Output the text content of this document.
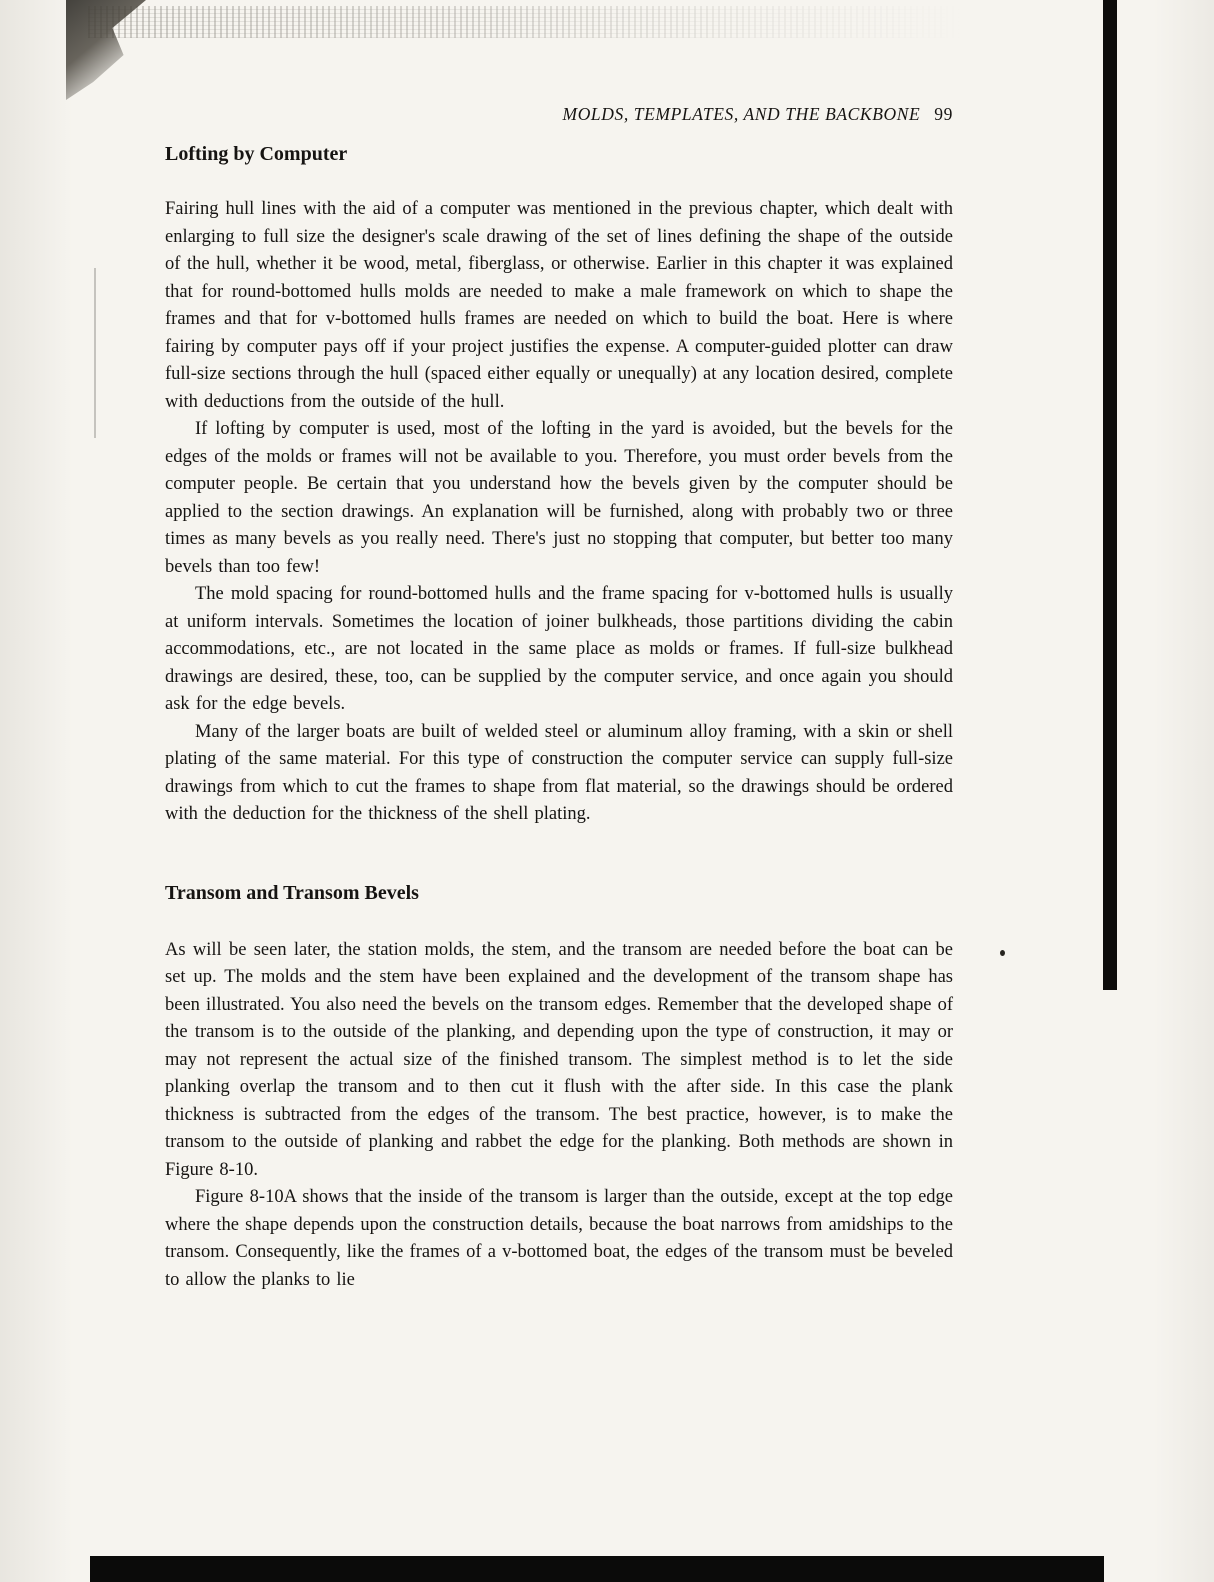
MOLDS, TEMPLATES, AND THE BACKBONE 99
Lofting by Computer

Fairing hull lines with the aid of a computer was mentioned in the previous chapter, which dealt with enlarging to full size the designer's scale drawing of the set of lines defining the shape of the outside of the hull, whether it be wood, metal, fiberglass, or otherwise. Earlier in this chapter it was explained that for round-bottomed hulls molds are needed to make a male framework on which to shape the frames and that for v-bottomed hulls frames are needed on which to build the boat. Here is where fairing by computer pays off if your project justifies the expense. A computer-guided plotter can draw full-size sections through the hull (spaced either equally or unequally) at any location desired, complete with deductions from the outside of the hull.

If lofting by computer is used, most of the lofting in the yard is avoided, but the bevels for the edges of the molds or frames will not be available to you. Therefore, you must order bevels from the computer people. Be certain that you understand how the bevels given by the computer should be applied to the section drawings. An explanation will be furnished, along with probably two or three times as many bevels as you really need. There's just no stopping that computer, but better too many bevels than too few!

The mold spacing for round-bottomed hulls and the frame spacing for v-bottomed hulls is usually at uniform intervals. Sometimes the location of joiner bulkheads, those partitions dividing the cabin accommodations, etc., are not located in the same place as molds or frames. If full-size bulkhead drawings are desired, these, too, can be supplied by the computer service, and once again you should ask for the edge bevels.

Many of the larger boats are built of welded steel or aluminum alloy framing, with a skin or shell plating of the same material. For this type of construction the computer service can supply full-size drawings from which to cut the frames to shape from flat material, so the drawings should be ordered with the deduction for the thickness of the shell plating.

Transom and Transom Bevels

As will be seen later, the station molds, the stem, and the transom are needed before the boat can be set up. The molds and the stem have been explained and the development of the transom shape has been illustrated. You also need the bevels on the transom edges. Remember that the developed shape of the transom is to the outside of the planking, and depending upon the type of construction, it may or may not represent the actual size of the finished transom. The simplest method is to let the side planking overlap the transom and to then cut it flush with the after side. In this case the plank thickness is subtracted from the edges of the transom. The best practice, however, is to make the transom to the outside of planking and rabbet the edge for the planking. Both methods are shown in Figure 8-10.

Figure 8-10A shows that the inside of the transom is larger than the outside, except at the top edge where the shape depends upon the construction details, because the boat narrows from amidships to the transom. Consequently, like the frames of a v-bottomed boat, the edges of the transom must be beveled to allow the planks to lie
